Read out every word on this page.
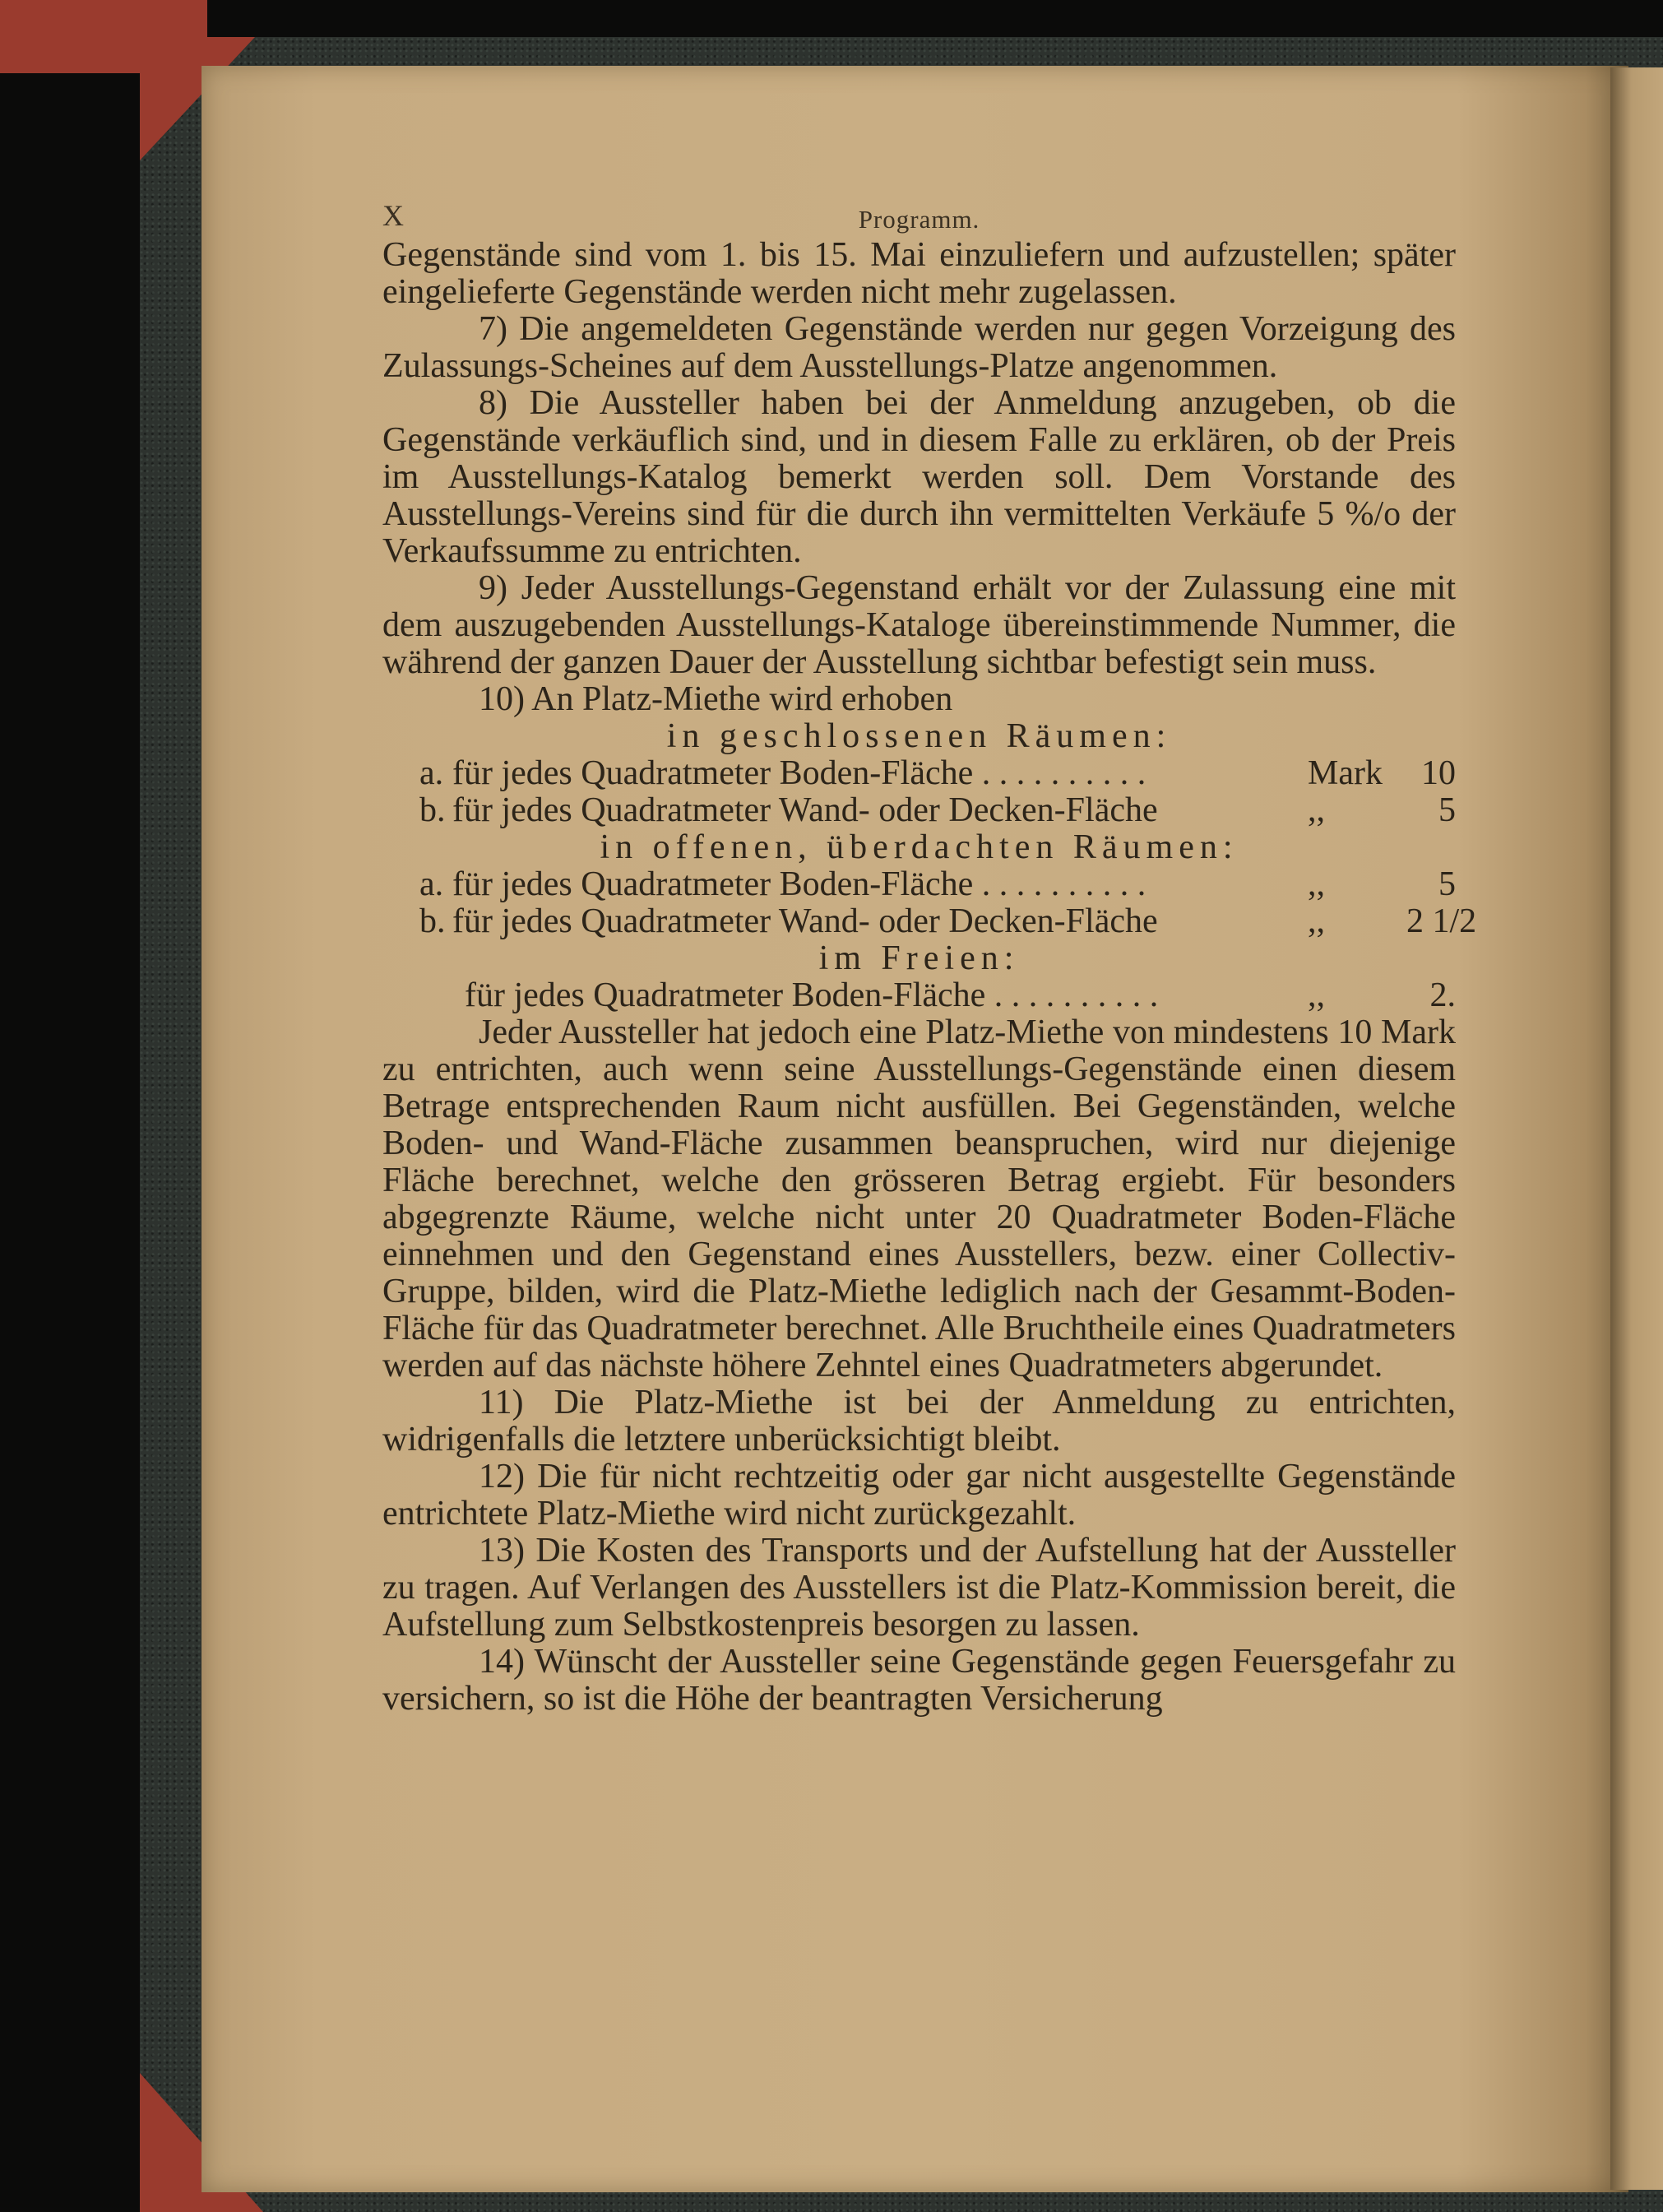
X	Programm.

Gegenstände sind vom 1. bis 15. Mai einzuliefern und aufzustellen; später eingelieferte Gegenstände werden nicht mehr zugelassen.

7) Die angemeldeten Gegenstände werden nur gegen Vorzeigung des Zulassungs-Scheines auf dem Ausstellungs-Platze angenommen.

8) Die Aussteller haben bei der Anmeldung anzugeben, ob die Gegenstände verkäuflich sind, und in diesem Falle zu erklären, ob der Preis im Ausstellungs-Katalog bemerkt werden soll. Dem Vorstande des Ausstellungs-Vereins sind für die durch ihn vermittelten Verkäufe 5 %/o der Verkaufssumme zu entrichten.

9) Jeder Ausstellungs-Gegenstand erhält vor der Zulassung eine mit dem auszugebenden Ausstellungs-Kataloge übereinstimmende Nummer, die während der ganzen Dauer der Ausstellung sichtbar befestigt sein muss.

10) An Platz-Miethe wird erhoben

in geschlossenen Räumen:

a. für jedes Quadratmeter Boden-Fläche . . . . . . . . . .	Mark	10
b. für jedes Quadratmeter Wand- oder Decken-Fläche	,,	5

in offenen, überdachten Räumen:

a. für jedes Quadratmeter Boden-Fläche . . . . . . . . . .	,,	5
b. für jedes Quadratmeter Wand- oder Decken-Fläche	,,	2 1/2

im Freien:

für jedes Quadratmeter Boden-Fläche . . . . . . . . . .	,,	2.

Jeder Aussteller hat jedoch eine Platz-Miethe von mindestens 10 Mark zu entrichten, auch wenn seine Ausstellungs-Gegenstände einen diesem Betrage entsprechenden Raum nicht ausfüllen. Bei Gegenständen, welche Boden- und Wand-Fläche zusammen beanspruchen, wird nur diejenige Fläche berechnet, welche den grösseren Betrag ergiebt. Für besonders abgegrenzte Räume, welche nicht unter 20 Quadratmeter Boden-Fläche einnehmen und den Gegenstand eines Ausstellers, bezw. einer Collectiv-Gruppe, bilden, wird die Platz-Miethe lediglich nach der Gesammt-Boden-Fläche für das Quadratmeter berechnet. Alle Bruchtheile eines Quadratmeters werden auf das nächste höhere Zehntel eines Quadratmeters abgerundet.

11) Die Platz-Miethe ist bei der Anmeldung zu entrichten, widrigenfalls die letztere unberücksichtigt bleibt.

12) Die für nicht rechtzeitig oder gar nicht ausgestellte Gegenstände entrichtete Platz-Miethe wird nicht zurückgezahlt.

13) Die Kosten des Transports und der Aufstellung hat der Aussteller zu tragen. Auf Verlangen des Ausstellers ist die Platz-Kommission bereit, die Aufstellung zum Selbstkostenpreis besorgen zu lassen.

14) Wünscht der Aussteller seine Gegenstände gegen Feuersgefahr zu versichern, so ist die Höhe der beantragten Versicherung
